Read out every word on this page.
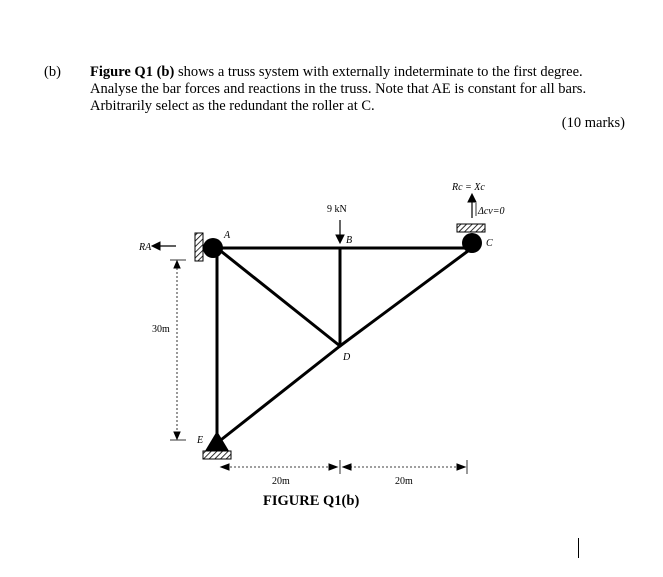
(b) Figure Q1 (b) shows a truss system with externally indeterminate to the first degree. Analyse the bar forces and reactions in the truss. Note that AE is constant for all bars. Arbitrarily select as the redundant the roller at C.
(10 marks)
RA
Rc = Xc
Δcv=0
9 kN
A	B	C
D
E
30m
20m	20m
FIGURE Q1(b)
